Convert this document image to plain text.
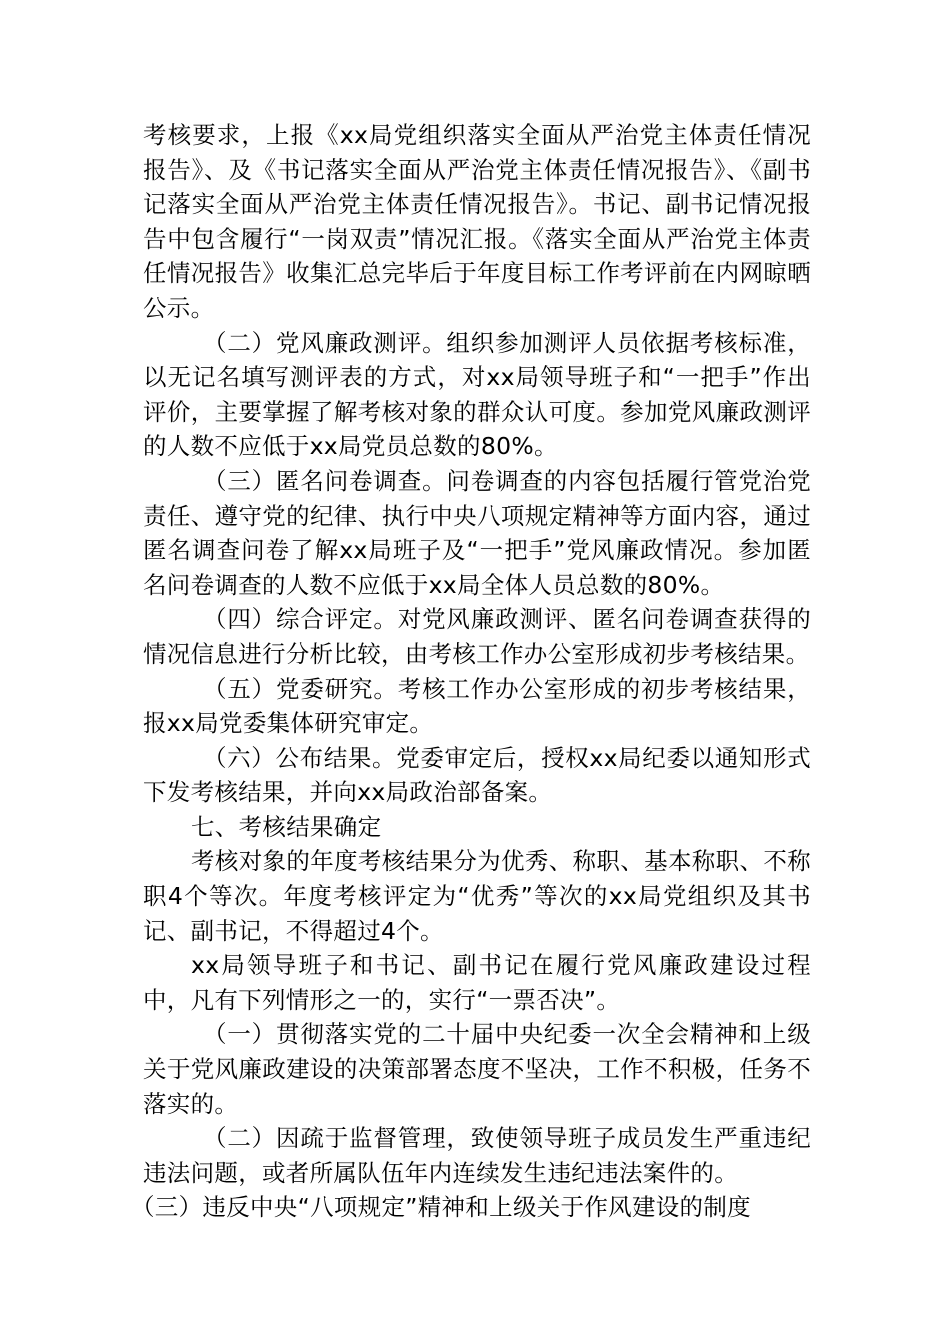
考核要求，上报《xx局党组织落实全面从严治党主体责任情况报告》、及《书记落实全面从严治党主体责任情况报告》、《副书记落实全面从严治党主体责任情况报告》。书记、副书记情况报告中包含履行“一岗双责”情况汇报。《落实全面从严治党主体责任情况报告》收集汇总完毕后于年度目标工作考评前在内网晾晒公示。

（二）党风廉政测评。组织参加测评人员依据考核标准，以无记名填写测评表的方式，对xx局领导班子和“一把手”作出评价，主要掌握了解考核对象的群众认可度。参加党风廉政测评的人数不应低于xx局党员总数的80%。

（三）匿名问卷调查。问卷调查的内容包括履行管党治党责任、遵守党的纪律、执行中央八项规定精神等方面内容，通过匿名调查问卷了解xx局班子及“一把手”党风廉政情况。参加匿名问卷调查的人数不应低于xx局全体人员总数的80%。

（四）综合评定。对党风廉政测评、匿名问卷调查获得的情况信息进行分析比较，由考核工作办公室形成初步考核结果。

（五）党委研究。考核工作办公室形成的初步考核结果，报xx局党委集体研究审定。

（六）公布结果。党委审定后，授权xx局纪委以通知形式下发考核结果，并向xx局政治部备案。

七、考核结果确定

考核对象的年度考核结果分为优秀、称职、基本称职、不称职4个等次。年度考核评定为“优秀”等次的xx局党组织及其书记、副书记，不得超过4个。

xx局领导班子和书记、副书记在履行党风廉政建设过程中，凡有下列情形之一的，实行“一票否决”。

（一）贯彻落实党的二十届中央纪委一次全会精神和上级关于党风廉政建设的决策部署态度不坚决，工作不积极，任务不落实的。

（二）因疏于监督管理，致使领导班子成员发生严重违纪违法问题，或者所属队伍年内连续发生违纪违法案件的。

（三）违反中央“八项规定”精神和上级关于作风建设的制度
